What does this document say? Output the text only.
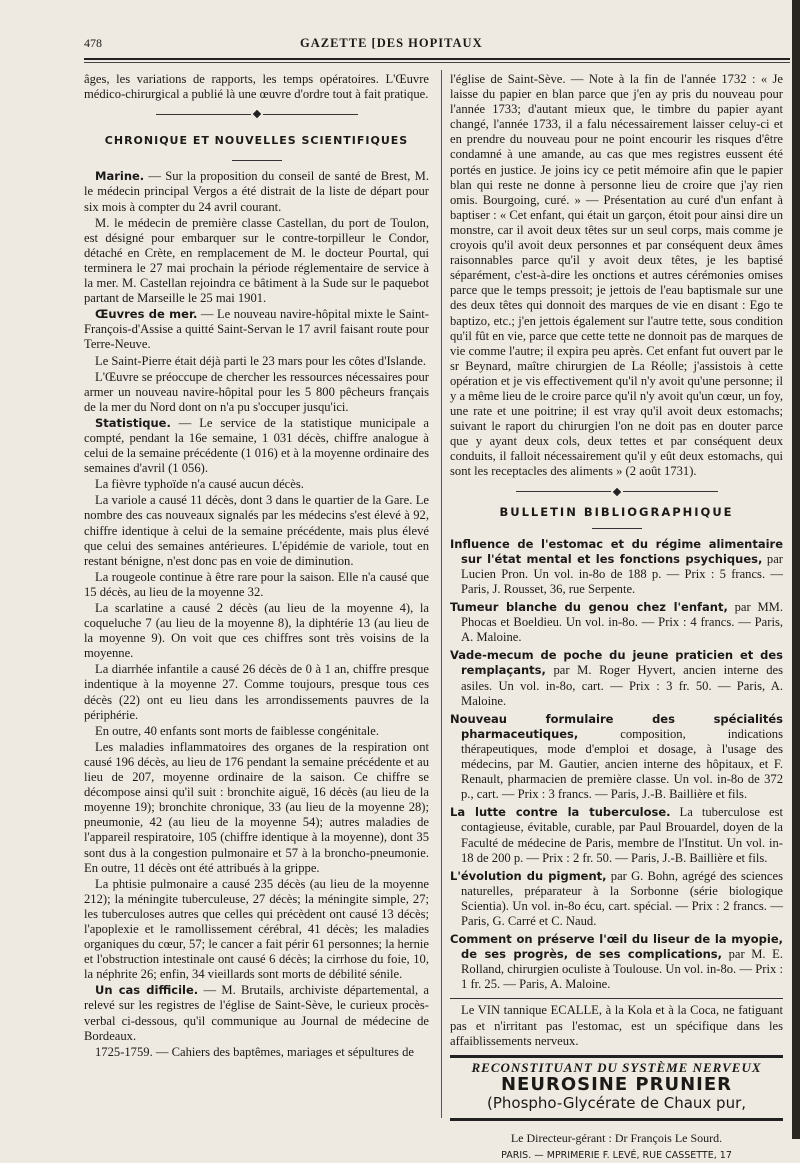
478	GAZETTE [DES HOPITAUX

âges, les variations de rapports, les temps opératoires. L'Œuvre médico-chirurgical a publié là une œuvre d'ordre tout à fait pratique.

CHRONIQUE ET NOUVELLES SCIENTIFIQUES

Marine. — Sur la proposition du conseil de santé de Brest, M. le médecin principal Vergos a été distrait de la liste de départ pour six mois à compter du 24 avril courant.

M. le médecin de première classe Castellan, du port de Toulon, est désigné pour embarquer sur le contre-torpilleur le Condor, détaché en Crète, en remplacement de M. le docteur Pourtal, qui terminera le 27 mai prochain la période réglementaire de service à la mer. M. Castellan rejoindra ce bâtiment à la Sude sur le paquebot partant de Marseille le 25 mai 1901.

Œuvres de mer. — Le nouveau navire-hôpital mixte le Saint-François-d'Assise a quitté Saint-Servan le 17 avril faisant route pour Terre-Neuve.

Le Saint-Pierre était déjà parti le 23 mars pour les côtes d'Islande.

L'Œuvre se préoccupe de chercher les ressources nécessaires pour armer un nouveau navire-hôpital pour les 5 800 pêcheurs français de la mer du Nord dont on n'a pu s'occuper jusqu'ici.

Statistique. — Le service de la statistique municipale a compté, pendant la 16e semaine, 1 031 décès, chiffre analogue à celui de la semaine précédente (1 016) et à la moyenne ordinaire des semaines d'avril (1 056).

La fièvre typhoïde n'a causé aucun décès.

La variole a causé 11 décès, dont 3 dans le quartier de la Gare. Le nombre des cas nouveaux signalés par les médecins s'est élevé à 92, chiffre identique à celui de la semaine précédente, mais plus élevé que celui des semaines antérieures. L'épidémie de variole, tout en restant bénigne, n'est donc pas en voie de diminution.

La rougeole continue à être rare pour la saison. Elle n'a causé que 15 décès, au lieu de la moyenne 32.

La scarlatine a causé 2 décès (au lieu de la moyenne 4), la coqueluche 7 (au lieu de la moyenne 8), la diphtérie 13 (au lieu de la moyenne 9). On voit que ces chiffres sont très voisins de la moyenne.

La diarrhée infantile a causé 26 décès de 0 à 1 an, chiffre presque indentique à la moyenne 27. Comme toujours, presque tous ces décès (22) ont eu lieu dans les arrondissements pauvres de la périphérie.

En outre, 40 enfants sont morts de faiblesse congénitale.

Les maladies inflammatoires des organes de la respiration ont causé 196 décès, au lieu de 176 pendant la semaine précédente et au lieu de 207, moyenne ordinaire de la saison. Ce chiffre se décompose ainsi qu'il suit : bronchite aiguë, 16 décès (au lieu de la moyenne 19); bronchite chronique, 33 (au lieu de la moyenne 28); pneumonie, 42 (au lieu de la moyenne 54); autres maladies de l'appareil respiratoire, 105 (chiffre identique à la moyenne), dont 35 sont dus à la congestion pulmonaire et 57 à la broncho-pneumonie. En outre, 11 décès ont été attribués à la grippe.

La phtisie pulmonaire a causé 235 décès (au lieu de la moyenne 212); la méningite tuberculeuse, 27 décès; la méningite simple, 27; les tuberculoses autres que celles qui précèdent ont causé 13 décès; l'apoplexie et le ramollissement cérébral, 41 décès; les maladies organiques du cœur, 57; le cancer a fait périr 61 personnes; la hernie et l'obstruction intestinale ont causé 6 décès; la cirrhose du foie, 10, la néphrite 26; enfin, 34 vieillards sont morts de débilité sénile.

Un cas difficile. — M. Brutails, archiviste départemental, a relevé sur les registres de l'église de Saint-Sève, le curieux procès-verbal ci-dessous, qu'il communique au Journal de médecine de Bordeaux.

1725-1759. — Cahiers des baptêmes, mariages et sépultures de

l'église de Saint-Sève. — Note à la fin de l'année 1732 : « Je laisse du papier en blan parce que j'en ay pris du nouveau pour l'année 1733; d'autant mieux que, le timbre du papier ayant changé, l'année 1733, il a falu nécessairement laisser celuy-ci et en prendre du nouveau pour ne point encourir les risques d'être condamné à une amande, au cas que mes registres eussent été portés en justice. Je joins icy ce petit mémoire afin que le papier blan qui reste ne donne à personne lieu de croire que j'ay rien omis. Bourgoing, curé. » — Présentation au curé d'un enfant à baptiser : « Cet enfant, qui était un garçon, étoit pour ainsi dire un monstre, car il avoit deux têtes sur un seul corps, mais comme je croyois qu'il avoit deux personnes et par conséquent deux âmes raisonnables parce qu'il y avoit deux têtes, je les baptisé séparément, c'est-à-dire les onctions et autres cérémonies omises parce que le temps pressoit; je jettois de l'eau baptismale sur une des deux têtes qui donnoit des marques de vie en disant : Ego te baptizo, etc.; j'en jettois également sur l'autre tette, sous condition qu'il fût en vie, parce que cette tette ne donnoit pas de marques de vie comme l'autre; il expira peu après. Cet enfant fut ouvert par le sr Beynard, maître chirurgien de La Réolle; j'assistois à cette opération et je vis effectivement qu'il n'y avoit qu'une personne; il y a même lieu de le croire parce qu'il n'y avoit qu'un cœur, un foy, une rate et une poitrine; il est vray qu'il avoit deux estomachs; suivant le raport du chirurgien l'on ne doit pas en douter parce que y ayant deux cols, deux tettes et par conséquent deux conduits, il falloit nécessairement qu'il y eût deux estomachs, qui sont les receptacles des aliments » (2 août 1731).

BULLETIN BIBLIOGRAPHIQUE

Influence de l'estomac et du régime alimentaire sur l'état mental et les fonctions psychiques, par Lucien Pron. Un vol. in-8o de 188 p. — Prix : 5 francs. — Paris, J. Rousset, 36, rue Serpente.

Tumeur blanche du genou chez l'enfant, par MM. Phocas et Boeldieu. Un vol. in-8o. — Prix : 4 francs. — Paris, A. Maloine.

Vade-mecum de poche du jeune praticien et des remplaçants, par M. Roger Hyvert, ancien interne des asiles. Un vol. in-8o, cart. — Prix : 3 fr. 50. — Paris, A. Maloine.

Nouveau formulaire des spécialités pharmaceutiques, composition, indications thérapeutiques, mode d'emploi et dosage, à l'usage des médecins, par M. Gautier, ancien interne des hôpitaux, et F. Renault, pharmacien de première classe. Un vol. in-8o de 372 p., cart. — Prix : 3 francs. — Paris, J.-B. Baillière et fils.

La lutte contre la tuberculose. La tuberculose est contagieuse, évitable, curable, par Paul Brouardel, doyen de la Faculté de médecine de Paris, membre de l'Institut. Un vol. in-18 de 200 p. — Prix : 2 fr. 50. — Paris, J.-B. Baillière et fils.

L'évolution du pigment, par G. Bohn, agrégé des sciences naturelles, préparateur à la Sorbonne (série biologique Scientia). Un vol. in-8o écu, cart. spécial. — Prix : 2 francs. — Paris, G. Carré et C. Naud.

Comment on préserve l'œil du liseur de la myopie, de ses progrès, de ses complications, par M. E. Rolland, chirurgien oculiste à Toulouse. Un vol. in-8o. — Prix : 1 fr. 25. — Paris, A. Maloine.

Le VIN tannique ECALLE, à la Kola et à la Coca, ne fatiguant pas et n'irritant pas l'estomac, est un spécifique dans les affaiblissements nerveux.

RECONSTITUANT DU SYSTÈME NERVEUX
NEUROSINE PRUNIER
(Phospho-Glycérate de Chaux pur,
Le Directeur-gérant : Dr François Le Sourd.
PARIS. — MPRIMERIE F. LEVÉ, RUE CASSETTE, 17
